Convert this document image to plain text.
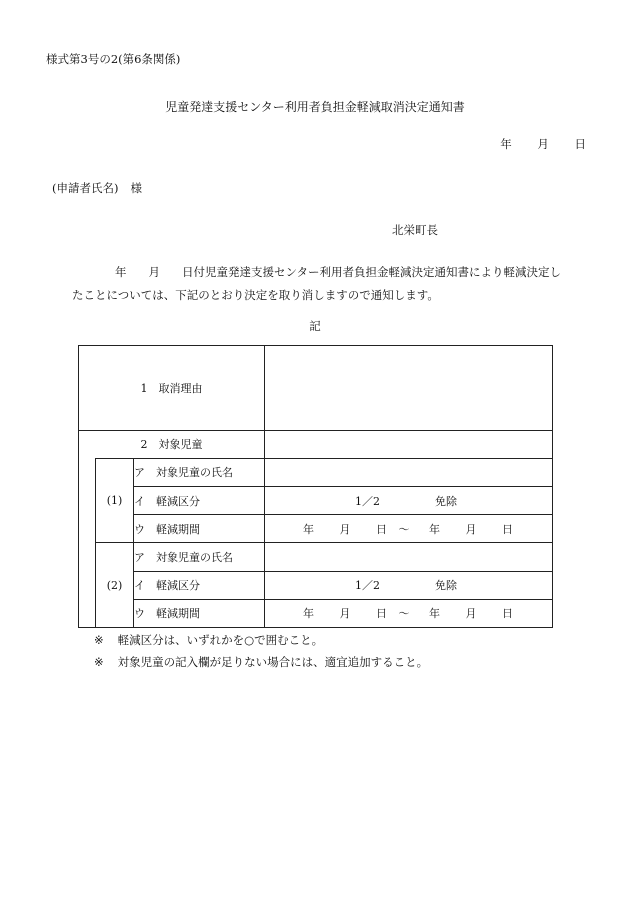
様式第3号の2(第6条関係)
児童発達支援センター利用者負担金軽減取消決定通知書
年 月 日
(申請者氏名) 様
北栄町長
年 月 日付児童発達支援センター利用者負担金軽減決定通知書により軽減決定し
たことについては、下記のとおり決定を取り消しますので通知します。
記
1　取消理由			
2　対象児童			
	(1)	ア　対象児童の氏名	
		イ　軽減区分	1／2 免除
		ウ　軽減期間	年 月 日 ～ 年 月 日
	(2)	ア　対象児童の氏名	
		イ　軽減区分	1／2 免除
		ウ　軽減期間	年 月 日 ～ 年 月 日
※ 軽減区分は、いずれかを○で囲むこと。
※ 対象児童の記入欄が足りない場合には、適宜追加すること。
